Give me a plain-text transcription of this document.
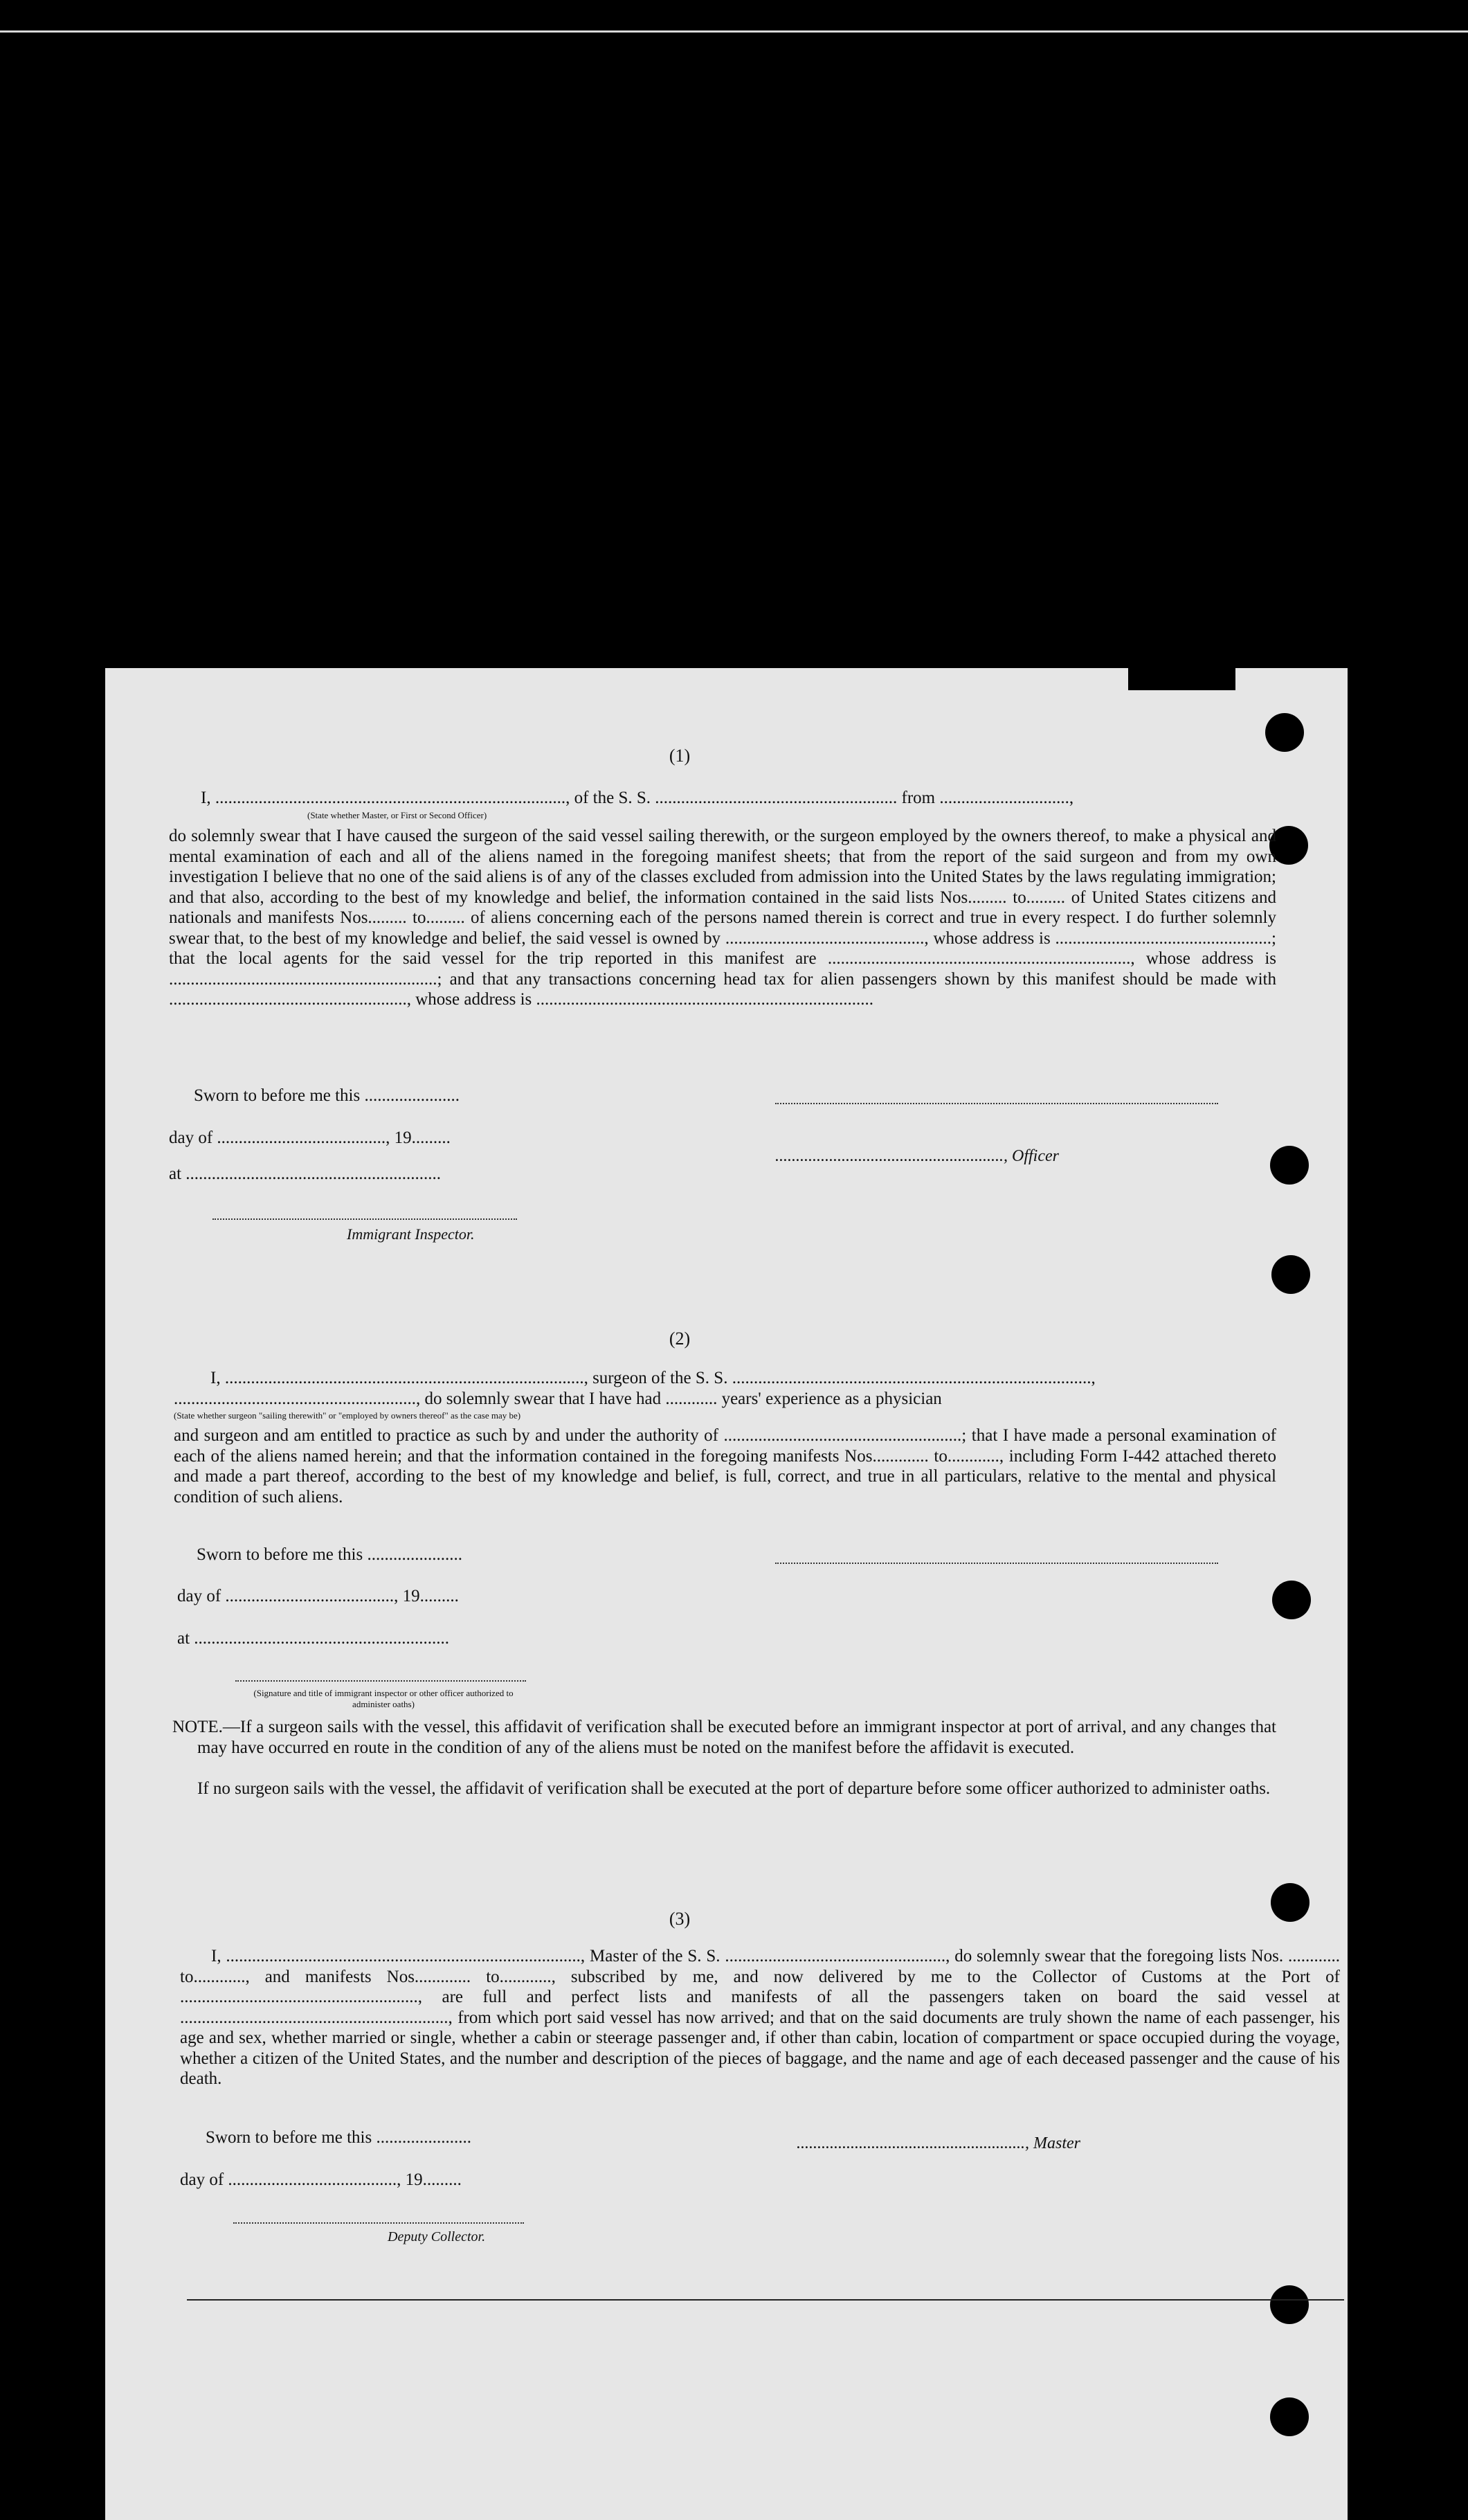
(1)
I, ................................................................................., of the S. S. ........................................................ from ..............................,
(State whether Master, or First or Second Officer)
do solemnly swear that I have caused the surgeon of the said vessel sailing therewith, or the surgeon employed by the owners thereof, to make a physical and mental examination of each and all of the aliens named in the foregoing manifest sheets; that from the report of the said surgeon and from my own investigation I believe that no one of the said aliens is of any of the classes excluded from admission into the United States by the laws regulating immigration; and that also, according to the best of my knowledge and belief, the information contained in the said lists Nos......... to......... of United States citizens and nationals and manifests Nos......... to......... of aliens concerning each of the persons named therein is correct and true in every respect. I do further solemnly swear that, to the best of my knowledge and belief, the said vessel is owned by .............................................., whose address is ..................................................; that the local agents for the said vessel for the trip reported in this manifest are ......................................................................, whose address is ..............................................................; and that any transactions concerning head tax for alien passengers shown by this manifest should be made with ......................................................., whose address is ..............................................................................
Sworn to before me this ......................
day of ......................................., 19.........
at ...........................................................
Immigrant Inspector.
......................................................., Officer
(2)
I, ..................................................................................., surgeon of the S. S. ...................................................................................,
........................................................, do solemnly swear that I have had ............ years' experience as a physician
(State whether surgeon "sailing therewith" or "employed by owners thereof" as the case may be)
and surgeon and am entitled to practice as such by and under the authority of .......................................................; that I have made a personal examination of each of the aliens named herein; and that the information contained in the foregoing manifests Nos............. to............, including Form I-442 attached thereto and made a part thereof, according to the best of my knowledge and belief, is full, correct, and true in all particulars, relative to the mental and physical condition of such aliens.
Sworn to before me this ......................
day of ......................................., 19.........
at ...........................................................
(Signature and title of immigrant inspector or other officer authorized to administer oaths)
NOTE.—If a surgeon sails with the vessel, this affidavit of verification shall be executed before an immigrant inspector at port of arrival, and any changes that may have occurred en route in the condition of any of the aliens must be noted on the manifest before the affidavit is executed.
If no surgeon sails with the vessel, the affidavit of verification shall be executed at the port of departure before some officer authorized to administer oaths.
(3)
I, .................................................................................., Master of the S. S. ..................................................., do solemnly swear that the foregoing lists Nos. ............ to............, and manifests Nos............. to............, subscribed by me, and now delivered by me to the Collector of Customs at the Port of ......................................................., are full and perfect lists and manifests of all the passengers taken on board the said vessel at .............................................................., from which port said vessel has now arrived; and that on the said documents are truly shown the name of each passenger, his age and sex, whether married or single, whether a cabin or steerage passenger and, if other than cabin, location of compartment or space occupied during the voyage, whether a citizen of the United States, and the number and description of the pieces of baggage, and the name and age of each deceased passenger and the cause of his death.
Sworn to before me this ......................
day of ......................................., 19.........
Deputy Collector.
......................................................., Master
